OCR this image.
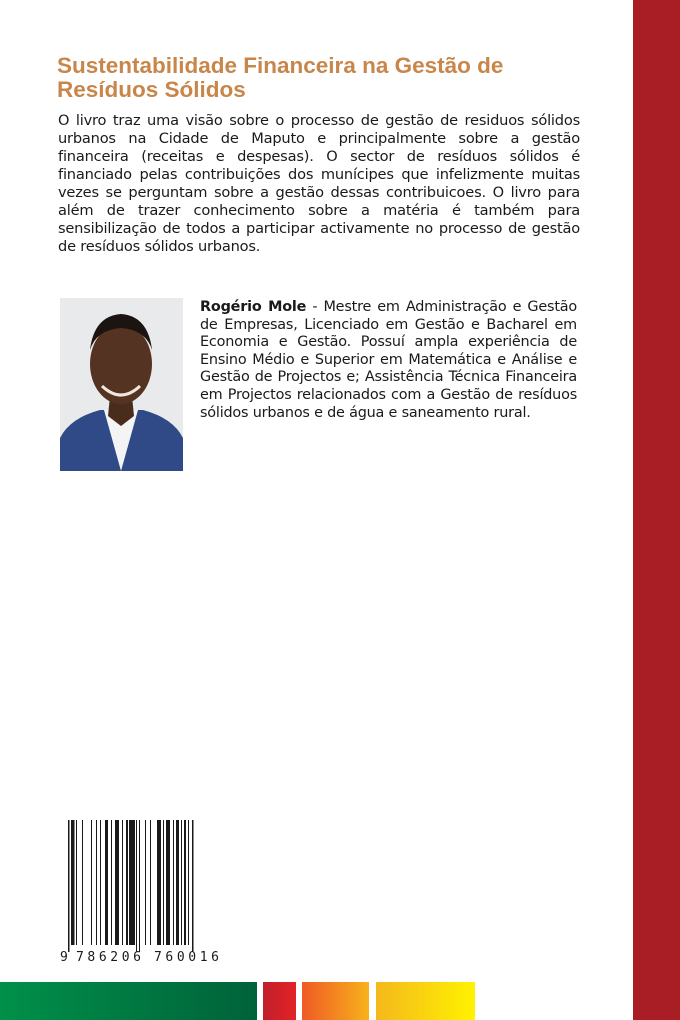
Sustentabilidade Financeira na Gestão de Resíduos Sólidos

O livro traz uma visão sobre o processo de gestão de residuos sólidos urbanos na Cidade de Maputo e principalmente sobre a gestão financeira (receitas e despesas). O sector de resíduos sólidos é financiado pelas contribuições dos munícipes que infelizmente muitas vezes se perguntam sobre a gestão dessas contribuicoes. O livro para além de trazer conhecimento sobre a matéria é também para sensibilização de todos a participar activamente no processo de gestão de resíduos sólidos urbanos.

Rogério Mole - Mestre em Administração e Gestão de Empresas, Licenciado em Gestão e Bacharel em Economia e Gestão. Possuí ampla experiência de Ensino Médio e Superior em Matemática e Análise e Gestão de Projectos e; Assistência Técnica Financeira em Projectos relacionados com a Gestão de resíduos sólidos urbanos e de água e saneamento rural.

9 786206 760016
